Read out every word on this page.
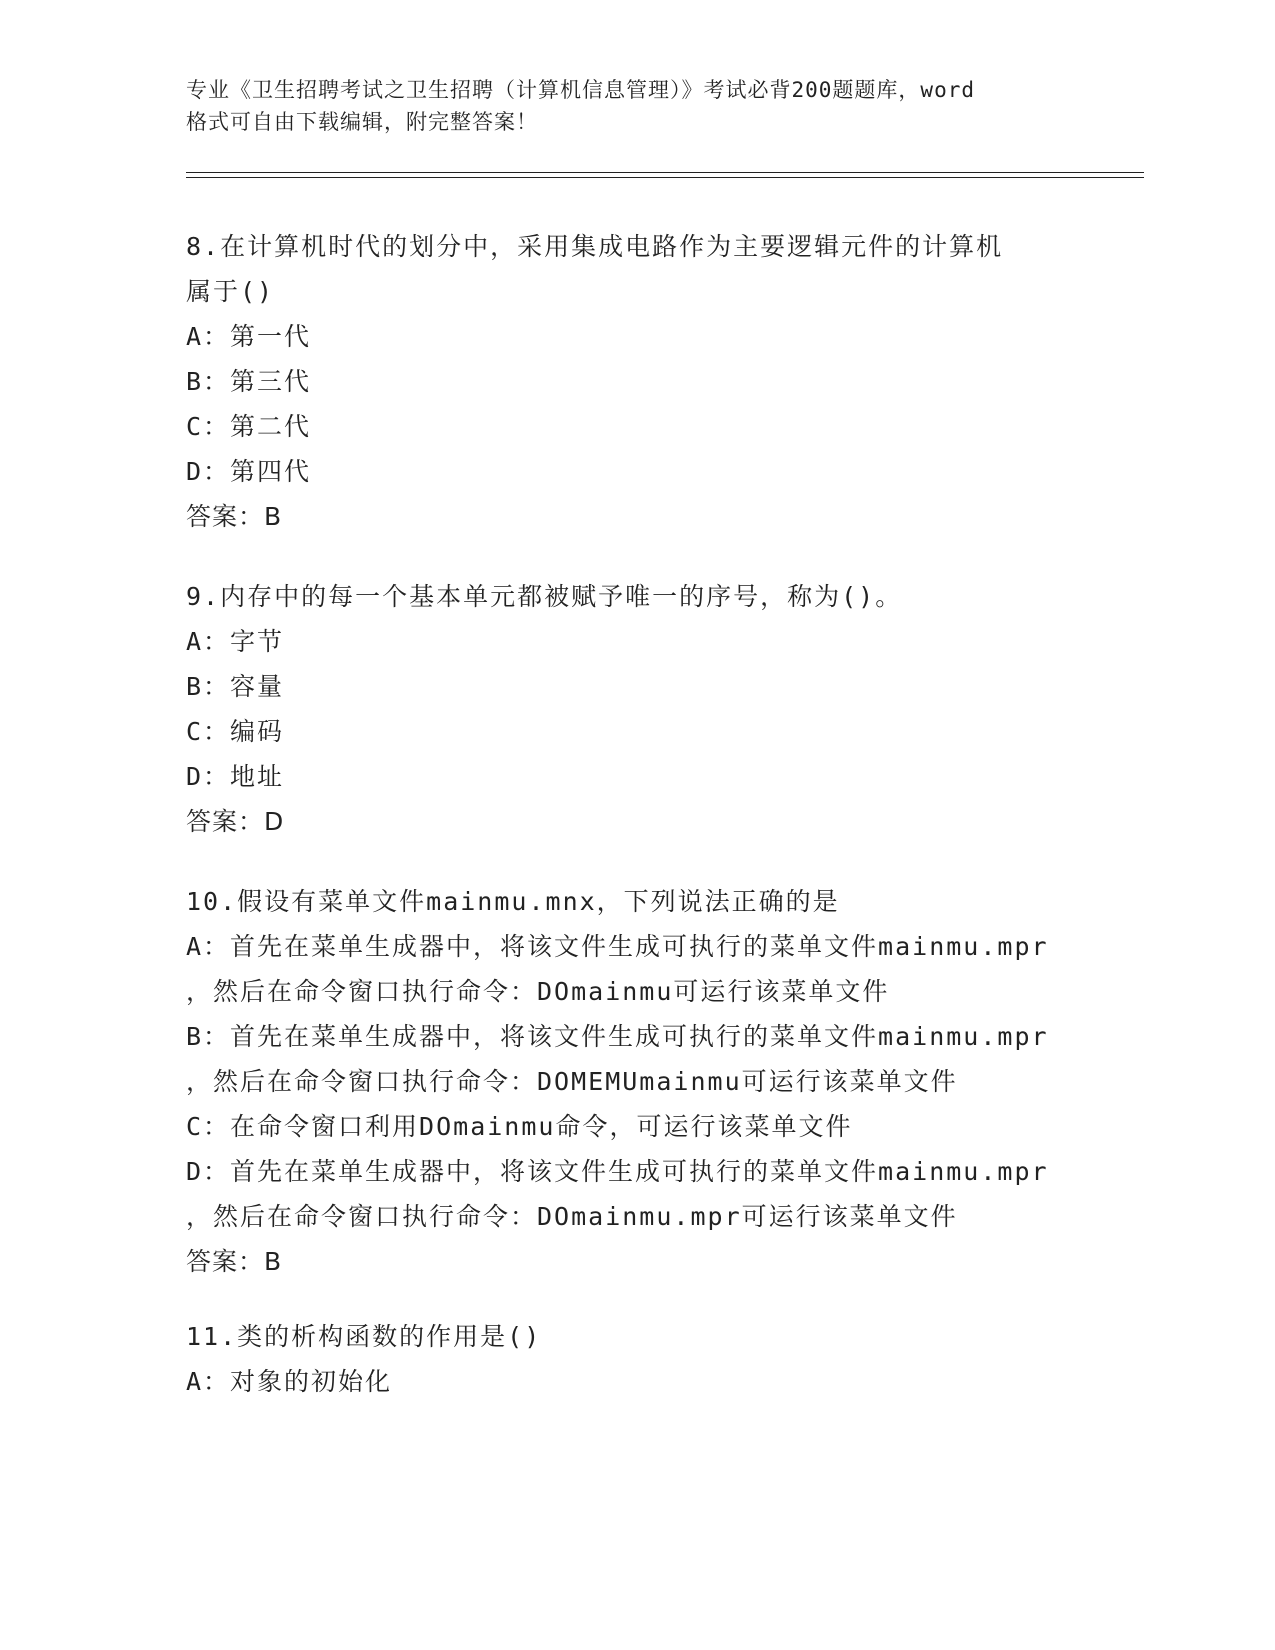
专业《卫生招聘考试之卫生招聘（计算机信息管理）》考试必背200题题库，word
格式可自由下载编辑，附完整答案！
8.在计算机时代的划分中，采用集成电路作为主要逻辑元件的计算机
属于()
A：第一代
B：第三代
C：第二代
D：第四代
答案：B
9.内存中的每一个基本单元都被赋予唯一的序号，称为()。
A：字节
B：容量
C：编码
D：地址
答案：D
10.假设有菜单文件mainmu.mnx，下列说法正确的是
A：首先在菜单生成器中，将该文件生成可执行的菜单文件mainmu.mpr
，然后在命令窗口执行命令：DOmainmu可运行该菜单文件
B：首先在菜单生成器中，将该文件生成可执行的菜单文件mainmu.mpr
，然后在命令窗口执行命令：DOMEMUmainmu可运行该菜单文件
C：在命令窗口利用DOmainmu命令，可运行该菜单文件
D：首先在菜单生成器中，将该文件生成可执行的菜单文件mainmu.mpr
，然后在命令窗口执行命令：DOmainmu.mpr可运行该菜单文件
答案：B
11.类的析构函数的作用是()
A：对象的初始化
